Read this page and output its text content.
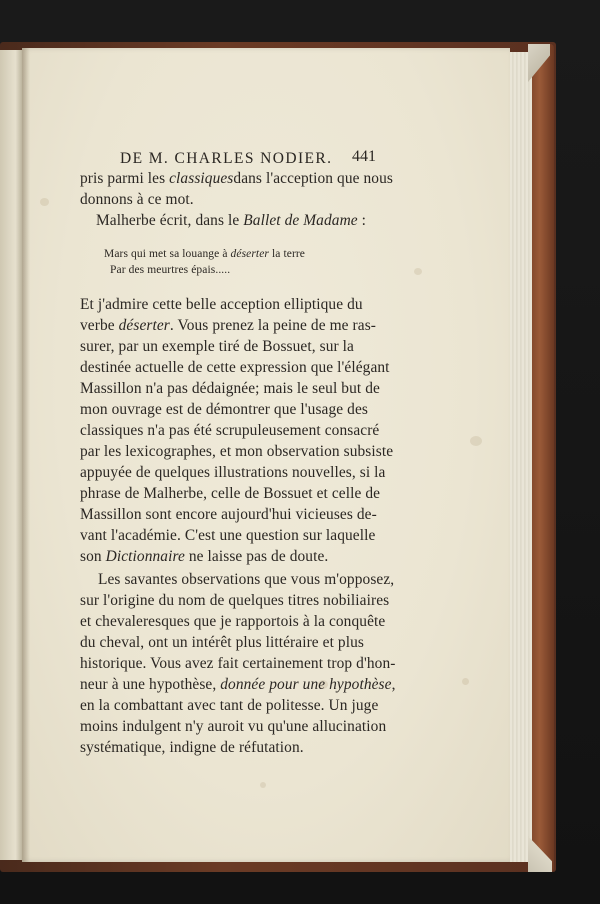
DE M. CHARLES NODIER.	441
pris parmi les classiquesdans l'acception que nous
donnons à ce mot.
Malherbe écrit, dans le Ballet de Madame :
Mars qui met sa louange à déserter la terre
Par des meurtres épais.....
Et j'admire cette belle acception elliptique du
verbe déserter. Vous prenez la peine de me ras-
surer, par un exemple tiré de Bossuet, sur la
destinée actuelle de cette expression que l'élégant
Massillon n'a pas dédaignée; mais le seul but de
mon ouvrage est de démontrer que l'usage des
classiques n'a pas été scrupuleusement consacré
par les lexicographes, et mon observation subsiste
appuyée de quelques illustrations nouvelles, si la
phrase de Malherbe, celle de Bossuet et celle de
Massillon sont encore aujourd'hui vicieuses de-
vant l'académie. C'est une question sur laquelle
son Dictionnaire ne laisse pas de doute.
Les savantes observations que vous m'opposez,
sur l'origine du nom de quelques titres nobiliaires
et chevaleresques que je rapportois à la conquête
du cheval, ont un intérêt plus littéraire et plus
historique. Vous avez fait certainement trop d'hon-
neur à une hypothèse, donnée pour une hypothèse,
en la combattant avec tant de politesse. Un juge
moins indulgent n'y auroit vu qu'une allucination
systématique, indigne de réfutation.
